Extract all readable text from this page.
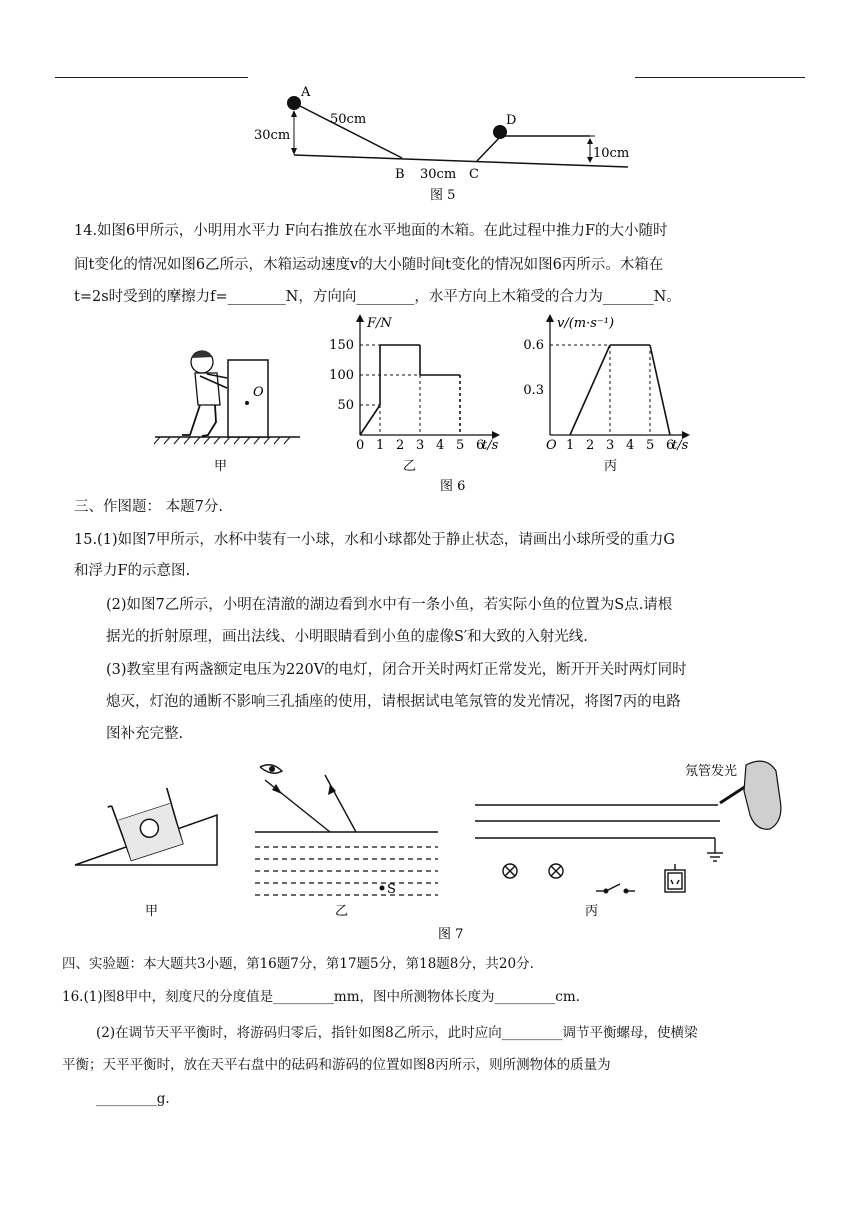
A
50cm
30cm
D
10cm
B 30cm C
图 5
14.如图6甲所示，小明用水平力 F向右推放在水平地面的木箱。在此过程中推力F的大小随时
间t变化的情况如图6乙所示，木箱运动速度v的大小随时间t变化的情况如图6丙所示。木箱在
t=2s时受到的摩擦力f=________N，方向向________，水平方向上木箱受的合力为_______N。
O
甲
0 1 2 3 4 5 6
150
100
50
F/N
t/s
乙
O 1 2 3 4 5 6
0.6
0.3
v/(m·s⁻¹)
t/s
丙
图 6
三、作图题： 本题7分.
15.(1)如图7甲所示，水杯中装有一小球，水和小球都处于静止状态，请画出小球所受的重力G
和浮力F的示意图.
(2)如图7乙所示，小明在清澈的湖边看到水中有一条小鱼，若实际小鱼的位置为S点.请根
据光的折射原理，画出法线、小明眼睛看到小鱼的虚像S′和大致的入射光线.
(3)教室里有两盏额定电压为220V的电灯，闭合开关时两灯正常发光，断开开关时两灯同时
熄灭，灯泡的通断不影响三孔插座的使用，请根据试电笔氖管的发光情况，将图7丙的电路
图补充完整.
甲
S
乙
氖管发光
丙
图 7
四、实验题：本大题共3小题，第16题7分，第17题5分，第18题8分，共20分.
16.(1)图8甲中，刻度尺的分度值是_________mm，图中所测物体长度为_________cm.
(2)在调节天平平衡时，将游码归零后，指针如图8乙所示，此时应向_________调节平衡螺母，使横梁
平衡；天平平衡时，放在天平右盘中的砝码和游码的位置如图8丙所示，则所测物体的质量为
_________g.
